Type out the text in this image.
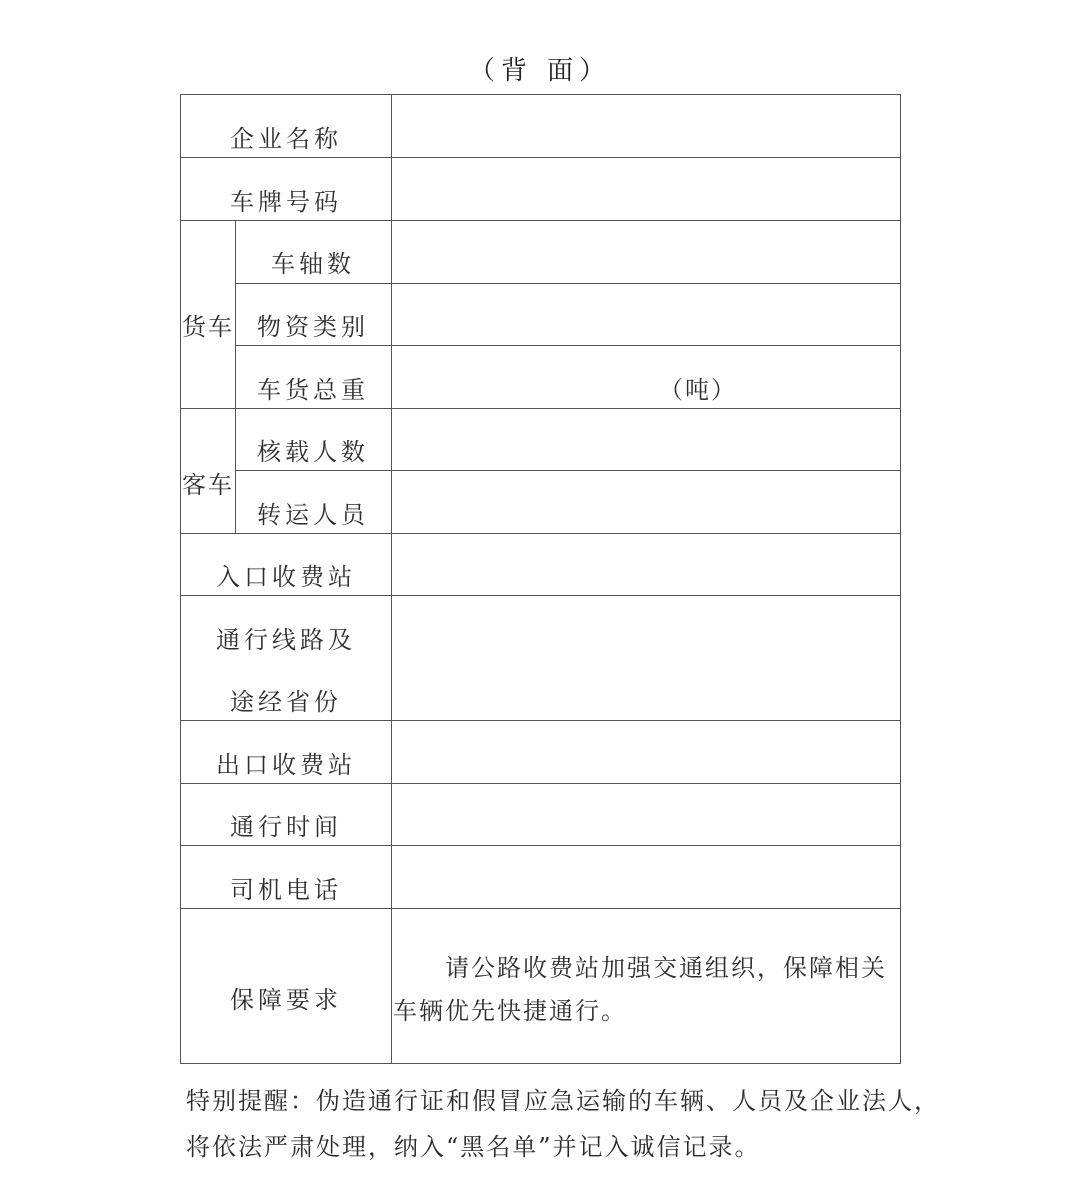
（背 面）
企业名称
车牌号码
货车
车轴数
物资类别
车货总重	（吨）
客车
核载人数
转运人员
入口收费站
通行线路及
途经省份
出口收费站
通行时间
司机电话
保障要求
请公路收费站加强交通组织，保障相关
车辆优先快捷通行。
特别提醒：伪造通行证和假冒应急运输的车辆、人员及企业法人，
将依法严肃处理，纳入“黑名单”并记入诚信记录。
